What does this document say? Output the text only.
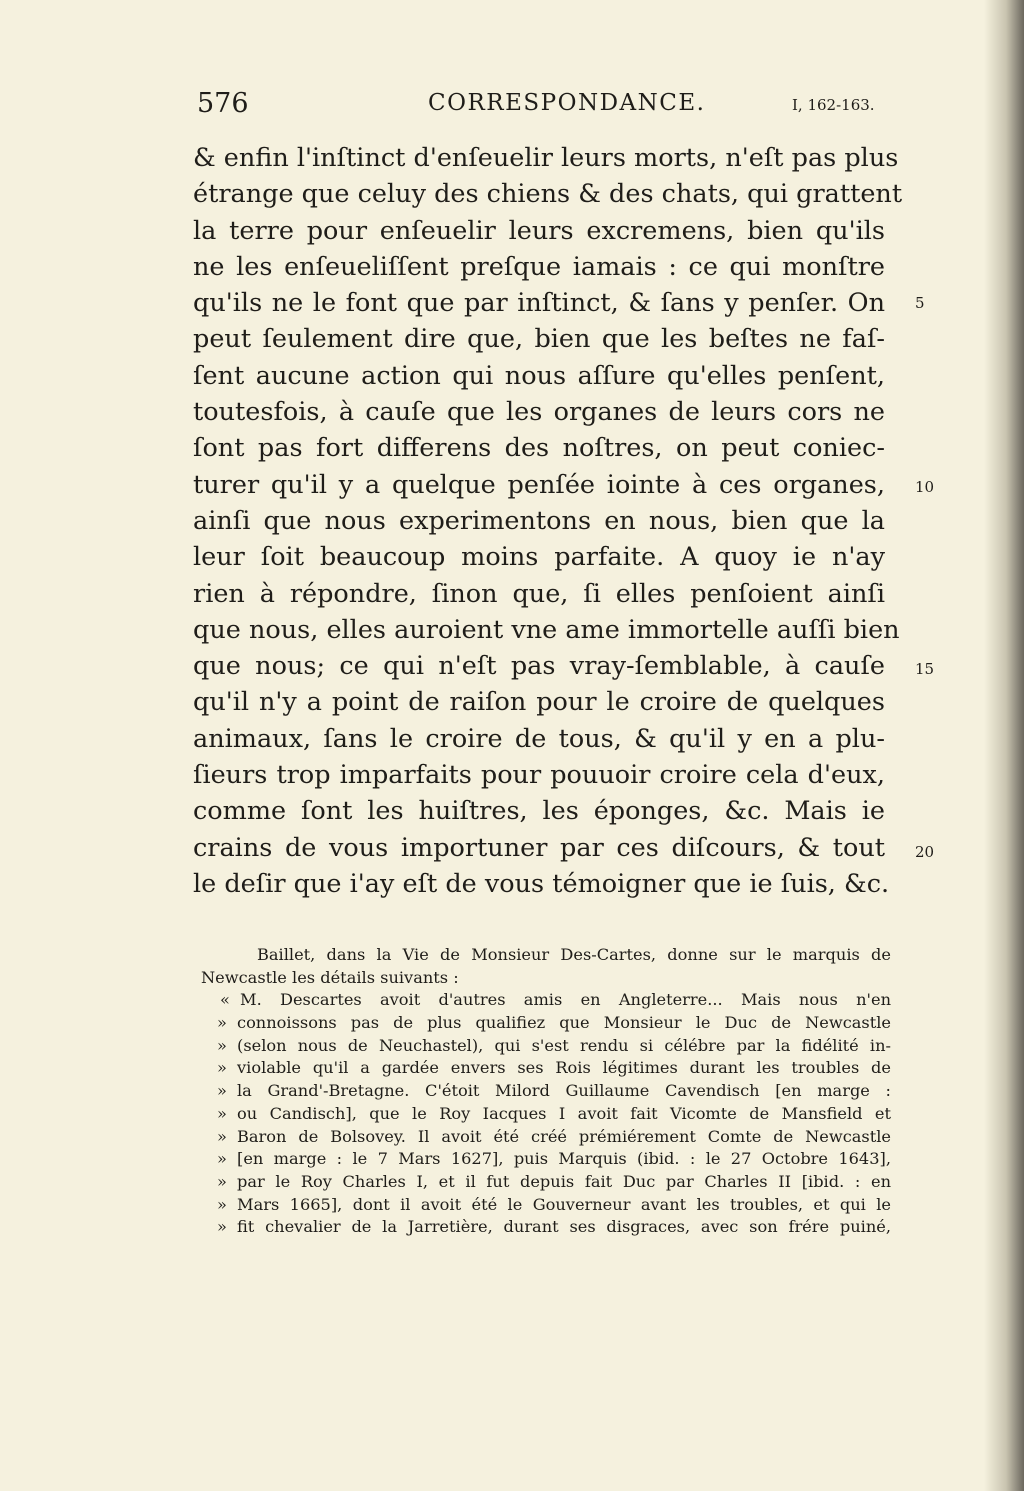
576	CORRESPONDANCE.	I, 162-163.
& enfin l'inſtinct d'enſeuelir leurs morts, n'eſt pas plus
étrange que celuy des chiens & des chats, qui grattent
la terre pour enſeuelir leurs excremens, bien qu'ils
ne les enſeueliſſent preſque iamais : ce qui monſtre
qu'ils ne le font que par inſtinct, & ſans y penſer. On
peut ſeulement dire que, bien que les beſtes ne faſ-
ſent aucune action qui nous aſſure qu'elles penſent,
toutesfois, à cauſe que les organes de leurs cors ne
ſont pas fort differens des noſtres, on peut coniec-
turer qu'il y a quelque penſée iointe à ces organes,
ainſi que nous experimentons en nous, bien que la
leur ſoit beaucoup moins parfaite. A quoy ie n'ay
rien à répondre, ſinon que, ſi elles penſoient ainſi
que nous, elles auroient vne ame immortelle auſſi bien
que nous; ce qui n'eſt pas vray-ſemblable, à cauſe
qu'il n'y a point de raiſon pour le croire de quelques
animaux, ſans le croire de tous, & qu'il y en a plu-
ſieurs trop imparfaits pour pouuoir croire cela d'eux,
comme ſont les huiſtres, les éponges, &c. Mais ie
crains de vous importuner par ces diſcours, & tout
le deſir que i'ay eſt de vous témoigner que ie ſuis, &c.
5
10
15
20
Baillet, dans la Vie de Monsieur Des-Cartes, donne sur le marquis de
Newcastle les détails suivants :
« M. Descartes avoit d'autres amis en Angleterre... Mais nous n'en
» connoissons pas de plus qualifiez que Monsieur le Duc de Newcastle
» (selon nous de Neuchastel), qui s'est rendu si célébre par la fidélité in-
» violable qu'il a gardée envers ses Rois légitimes durant les troubles de
» la Grand'-Bretagne. C'étoit Milord Guillaume Cavendisch [en marge :
» ou Candisch], que le Roy Iacques I avoit fait Vicomte de Mansfield et
» Baron de Bolsovey. Il avoit été créé prémiérement Comte de Newcastle
» [en marge : le 7 Mars 1627], puis Marquis (ibid. : le 27 Octobre 1643],
» par le Roy Charles I, et il fut depuis fait Duc par Charles II [ibid. : en
» Mars 1665], dont il avoit été le Gouverneur avant les troubles, et qui le
» fit chevalier de la Jarretière, durant ses disgraces, avec son frére puiné,
